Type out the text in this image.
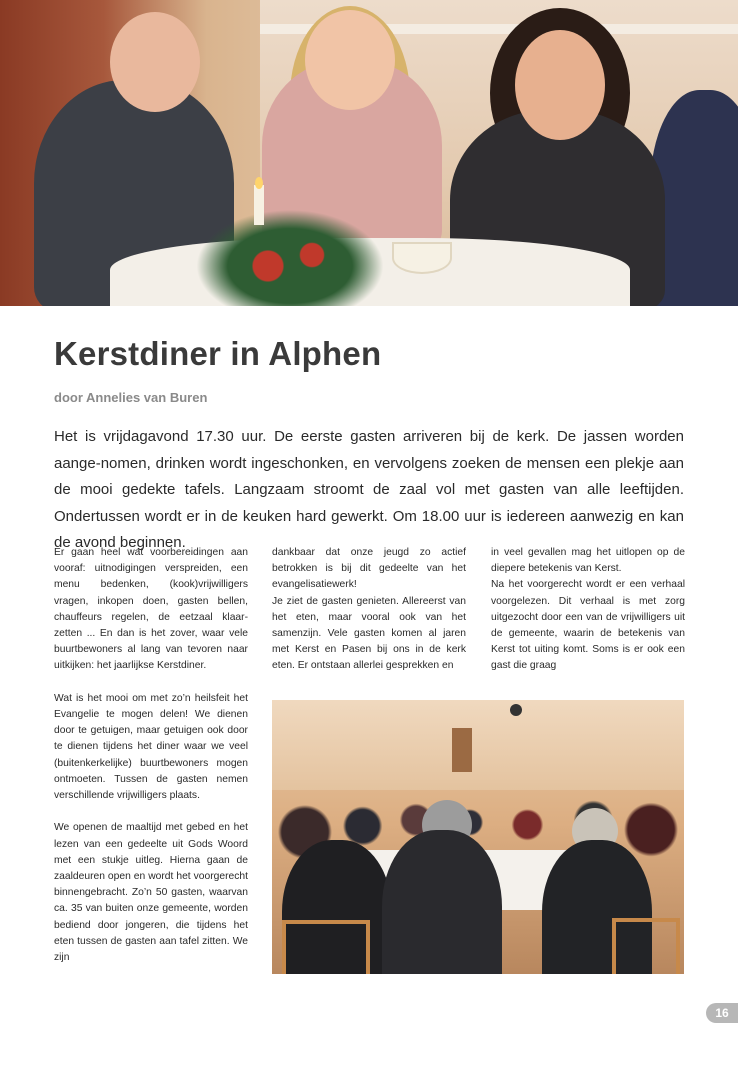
Kerstdiner in Alphen
door Annelies van Buren

Het is vrijdagavond 17.30 uur. De eerste gasten arriveren bij de kerk. De jassen worden aange-nomen, drinken wordt ingeschonken, en vervolgens zoeken de mensen een plekje aan de mooi gedekte tafels. Langzaam stroomt de zaal vol met gasten van alle leeftijden. Ondertussen wordt er in de keuken hard gewerkt. Om 18.00 uur is iedereen aanwezig en kan de avond beginnen.

Er gaan heel wat voorbereidingen aan vooraf: uitnodigingen verspreiden, een menu bedenken, (kook)vrijwilligers vragen, inkopen doen, gasten bellen, chauffeurs regelen, de eetzaal klaar-zetten ... En dan is het zover, waar vele buurtbewoners al lang van tevoren naar uitkijken: het jaarlijkse Kerstdiner.

Wat is het mooi om met zo’n heilsfeit het Evangelie te mogen delen! We dienen door te getuigen, maar getuigen ook door te dienen tijdens het diner waar we veel (buitenkerkelijke) buurtbewoners mogen ontmoeten. Tussen de gasten nemen verschillende vrijwilligers plaats.

We openen de maaltijd met gebed en het lezen van een gedeelte uit Gods Woord met een stukje uitleg. Hierna gaan de zaaldeuren open en wordt het voorgerecht binnengebracht. Zo’n 50 gasten, waarvan ca. 35 van buiten onze gemeente, worden bediend door jongeren, die tijdens het eten tussen de gasten aan tafel zitten. We zijn

dankbaar dat onze jeugd zo actief betrokken is bij dit gedeelte van het evangelisatiewerk!

Je ziet de gasten genieten. Allereerst van het eten, maar vooral ook van het samenzijn. Vele gasten komen al jaren met Kerst en Pasen bij ons in de kerk eten. Er ontstaan allerlei gesprekken en

in veel gevallen mag het uitlopen op de diepere betekenis van Kerst.

Na het voorgerecht wordt er een verhaal voorgelezen. Dit verhaal is met zorg uitgezocht door een van de vrijwilligers uit de gemeente, waarin de betekenis van Kerst tot uiting komt. Soms is er ook een gast die graag

16
